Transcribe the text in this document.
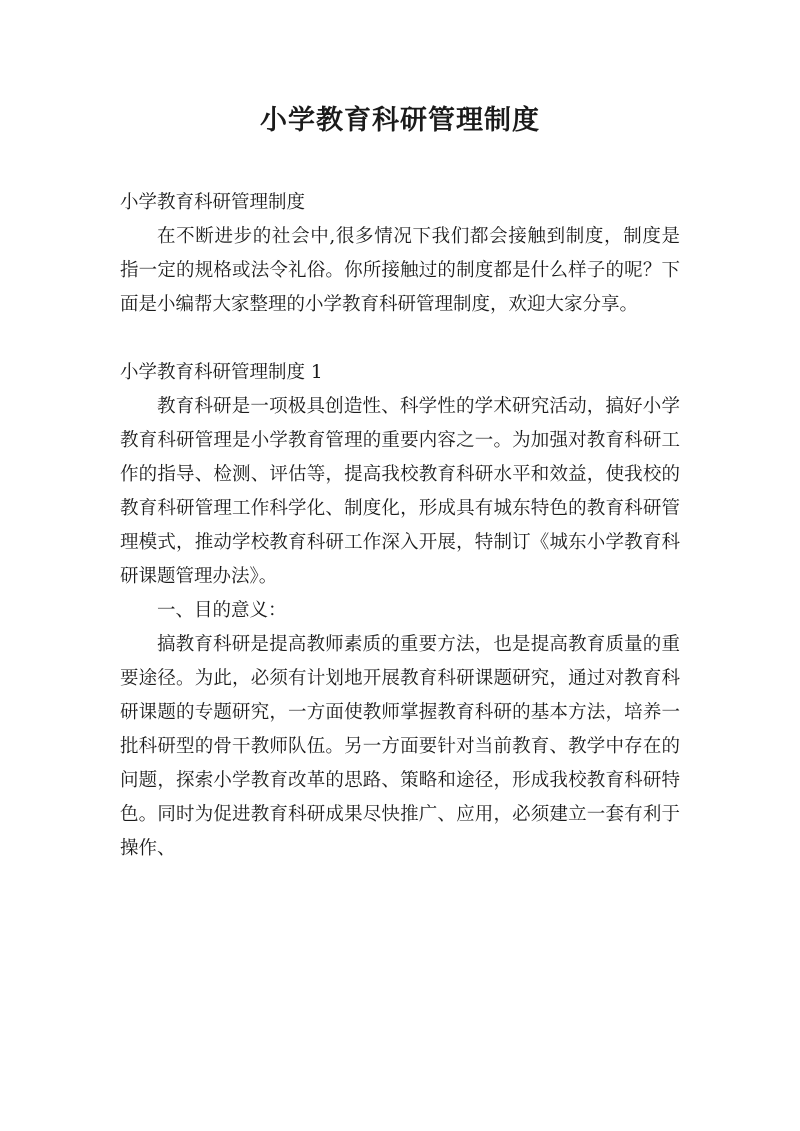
小学教育科研管理制度

小学教育科研管理制度

在不断进步的社会中,很多情况下我们都会接触到制度，制度是指一定的规格或法令礼俗。你所接触过的制度都是什么样子的呢？下面是小编帮大家整理的小学教育科研管理制度，欢迎大家分享。

小学教育科研管理制度 1

教育科研是一项极具创造性、科学性的学术研究活动，搞好小学教育科研管理是小学教育管理的重要内容之一。为加强对教育科研工作的指导、检测、评估等，提高我校教育科研水平和效益，使我校的教育科研管理工作科学化、制度化，形成具有城东特色的教育科研管理模式，推动学校教育科研工作深入开展，特制订《城东小学教育科研课题管理办法》。

一、目的意义：

搞教育科研是提高教师素质的重要方法，也是提高教育质量的重要途径。为此，必须有计划地开展教育科研课题研究，通过对教育科研课题的专题研究，一方面使教师掌握教育科研的基本方法，培养一批科研型的骨干教师队伍。另一方面要针对当前教育、教学中存在的问题，探索小学教育改革的思路、策略和途径，形成我校教育科研特色。同时为促进教育科研成果尽快推广、应用，必须建立一套有利于操作、
